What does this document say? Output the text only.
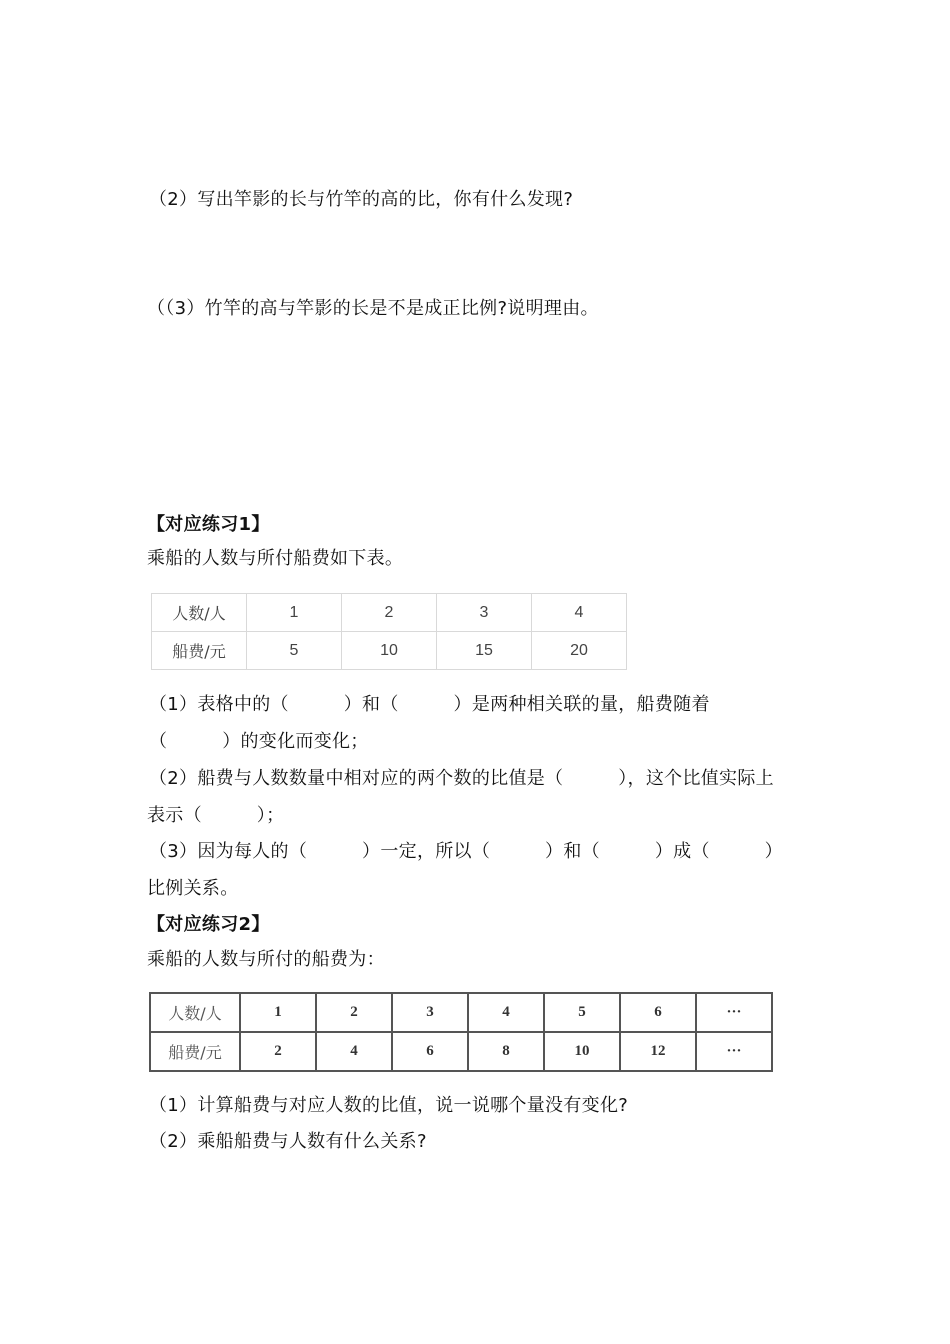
（2）写出竿影的长与竹竿的高的比，你有什么发现?
（（3）竹竿的高与竿影的长是不是成正比例?说明理由。
【对应练习1】
乘船的人数与所付船费如下表。
人数/人	1	2	3	4
船费/元	5	10	15	20
（1）表格中的（　　　）和（　　　）是两种相关联的量，船费随着
（　　　）的变化而变化；
（2）船费与人数数量中相对应的两个数的比值是（　　　），这个比值实际上
表示（　　　）；
（3）因为每人的（　　　）一定，所以（　　　）和（　　　）成（　　　）
比例关系。
【对应练习2】
乘船的人数与所付的船费为：
人数/人	1	2	3	4	5	6	···
船费/元	2	4	6	8	10	12	···
（1）计算船费与对应人数的比值，说一说哪个量没有变化?
（2）乘船船费与人数有什么关系?
